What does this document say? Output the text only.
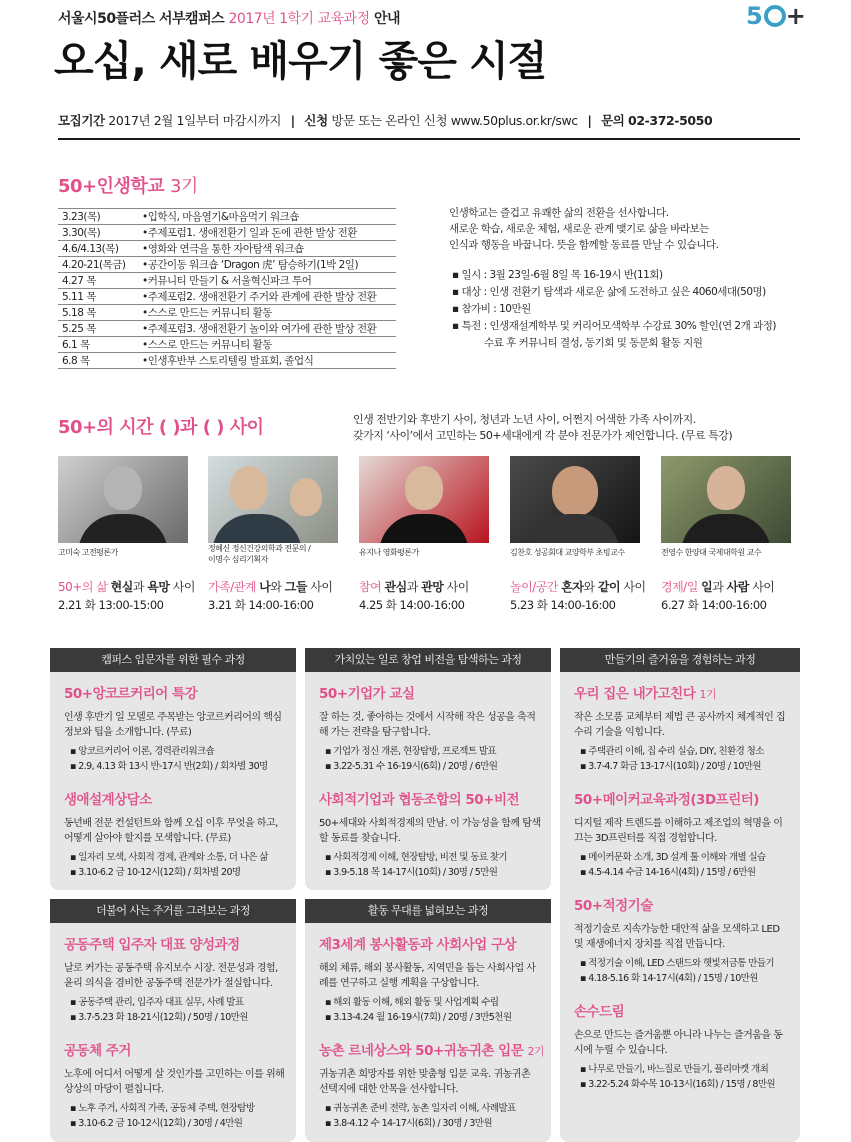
서울시50플러스 서부캠퍼스 2017년 1학기 교육과정 안내	5 +
오십, 새로 배우기 좋은 시절
모집기간 2017년 2월 1일부터 마감시까지 | 신청 방문 또는 온라인 신청 www.50plus.or.kr/swc | 문의 02-372-5050
50+인생학교 3기
3.23(목)	•입학식, 마음열기&마음먹기 워크숍
3.30(목)	•주제포럼1. 생애전환기 일과 돈에 관한 발상 전환
4.6/4.13(목)	•영화와 연극을 통한 자아탐색 워크숍
4.20-21(목금)	•공간이동 워크숍 ‘Dragon 虎’ 탐승하기(1박 2일)
4.27 목	•커뮤니티 만들기 & 서울혁신파크 투어
5.11 목	•주제포럼2. 생애전환기 주거와 관계에 관한 발상 전환
5.18 목	•스스로 만드는 커뮤니티 활동
5.25 목	•주제포럼3. 생애전환기 놀이와 여가에 관한 발상 전환
6.1 목	•스스로 만드는 커뮤니티 활동
6.8 목	•인생후반부 스토리텔링 발표회, 졸업식
인생학교는 즐겁고 유쾌한 삶의 전환을 선사합니다.
새로운 학습, 새로운 체험, 새로운 관계 맺기로 삶을 바라보는
인식과 행동을 바꿉니다. 뜻을 함께할 동료를 만날 수 있습니다.
▪ 일시 : 3월 23일-6월 8일 목 16-19시 반(11회)
▪ 대상 : 인생 전환기 탐색과 새로운 삶에 도전하고 싶은 4060세대(50명)
▪ 참가비 : 10만원
▪ 특전 : 인생재설계학부 및 커리어모색학부 수강료 30% 할인(연 2개 과정)
수료 후 커뮤니티 결성, 동기회 및 동문회 활동 지원
50+의 시간 ( )과 ( ) 사이	인생 전반기와 후반기 사이, 청년과 노년 사이, 어쩐지 어색한 가족 사이까지.
갖가지 ‘사이’에서 고민하는 50+세대에게 각 분야 전문가가 제언합니다. (무료 특강)
고미숙 고전평론가	정혜신 정신건강의학과 전문의 / 이명수 심리기획자
유지나 영화평론가	김찬호 성공회대 교양학부 초빙교수	전영수 한양대 국제대학원 교수
50+의 삶 현실과 욕망 사이
2.21 화 13:00-15:00
가족/관계 나와 그들 사이
3.21 화 14:00-16:00
참여 관심과 관망 사이
4.25 화 14:00-16:00
놀이/공간 혼자와 같이 사이
5.23 화 14:00-16:00
경제/일 일과 사람 사이
6.27 화 14:00-16:00
캠퍼스 입문자를 위한 필수 과정
50+앙코르커리어 특강

인생 후반기 일 모델로 주목받는 앙코르커리어의 핵심정보와 팁을 소개합니다. (무료)

▪ 앙코르커리어 이론, 경력관리워크숍
▪ 2.9, 4.13 화 13시 반-17시 반(2회) / 회차별 30명
생애설계상담소

동년배 전문 컨설턴트와 함께 오십 이후 무엇을 하고, 어떻게 살아야 할지를 모색합니다. (무료)

▪ 일자리 모색, 사회적 경제, 관계와 소통, 더 나은 삶
▪ 3.10-6.2 금 10-12시(12회) / 회차별 20명
가치있는 일로 창업 비전을 탐색하는 과정
50+기업가 교실

잘 하는 것, 좋아하는 것에서 시작해 작은 성공을 축적해 가는 전략을 탐구합니다.

▪ 기업가 정신 개론, 현장탐방, 프로젝트 발표
▪ 3.22-5.31 수 16-19시(6회) / 20명 / 6만원
사회적기업과 협동조합의 50+비전

50+세대와 사회적경제의 만남. 이 가능성을 함께 탐색할 동료를 찾습니다.

▪ 사회적경제 이해, 현장탐방, 비전 및 동료 찾기
▪ 3.9-5.18 목 14-17시(10회) / 30명 / 5만원
만들기의 즐거움을 경험하는 과정
우리 집은 내가고친다 1기

작은 소모품 교체부터 제법 큰 공사까지 체계적인 집수리 기술을 익힙니다.

▪ 주택관리 이해, 집 수리 실습, DIY, 친환경 청소
▪ 3.7-4.7 화금 13-17시(10회) / 20명 / 10만원
50+메이커교육과정(3D프린터)

디지털 제작 트렌드를 이해하고 제조업의 혁명을 이끄는 3D프린터를 직접 경험합니다.

▪ 메이커문화 소개, 3D 설계 툴 이해와 개별 실습
▪ 4.5-4.14 수금 14-16시(4회) / 15명 / 6만원
50+적정기술

적정기술로 지속가능한 대안적 삶을 모색하고 LED 및 재생에너지 장치를 직접 만듭니다.

▪ 적정기술 이해, LED 스탠드와 햇빛저금통 만들기
▪ 4.18-5.16 화 14-17시(4회) / 15명 / 10만원
손수드림

손으로 만드는 즐거움뿐 아니라 나누는 즐거움을 동시에 누릴 수 있습니다.

▪ 나무로 만들기, 바느질로 만들기, 플리마켓 개최
▪ 3.22-5.24 화수목 10-13시(16회) / 15명 / 8만원
더불어 사는 주거를 그려보는 과정
공동주택 입주자 대표 양성과정

날로 커가는 공동주택 유지보수 시장. 전문성과 경험, 윤리 의식을 겸비한 공동주택 전문가가 절실합니다.

▪ 공동주택 관리, 입주자 대표 실무, 사례 발표
▪ 3.7-5.23 화 18-21시(12회) / 50명 / 10만원
공동체 주거

노후에 어디서 어떻게 살 것인가를 고민하는 이를 위해 상상의 마당이 펼칩니다.

▪ 노후 주거, 사회적 가족, 공동체 주택, 현장탐방
▪ 3.10-6.2 금 10-12시(12회) / 30명 / 4만원
활동 무대를 넓혀보는 과정
제3세계 봉사활동과 사회사업 구상

해외 체류, 해외 봉사활동, 지역민을 돕는 사회사업 사례를 연구하고 실행 계획을 구상합니다.

▪ 해외 활동 이해, 해외 활동 및 사업계획 수립
▪ 3.13-4.24 월 16-19시(7회) / 20명 / 3만5천원
농촌 르네상스와 50+귀농귀촌 입문 2기

귀농귀촌 희망자를 위한 맞춤형 입문 교육. 귀농귀촌 선택지에 대한 안목을 선사합니다.

▪ 귀농귀촌 준비 전략, 농촌 일자리 이해, 사례발표
▪ 3.8-4.12 수 14-17시(6회) / 30명 / 3만원
